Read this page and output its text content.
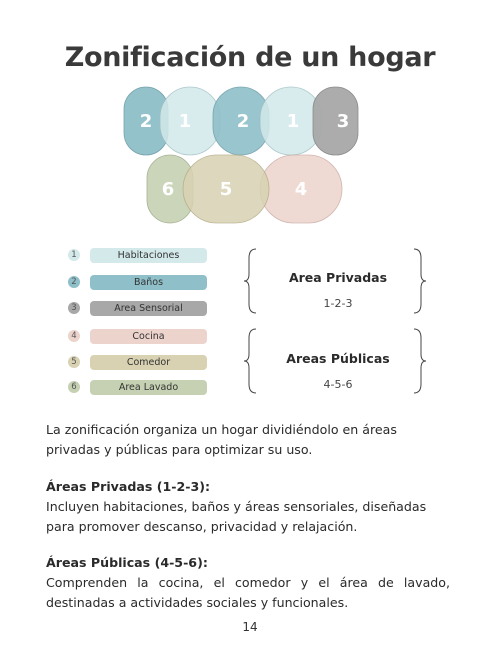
Zonificación de un hogar
2 1	2 1 3
6	5	4
1	Habitaciones
2	Baños
3	Area Sensorial
4	Cocina
5	Comedor
6	Area Lavado
Area Privadas
1-2-3
Areas Públicas
4-5-6
La zonificación organiza un hogar dividiéndolo en áreas privadas y públicas para optimizar su uso.
Áreas Privadas (1-2-3):
Incluyen habitaciones, baños y áreas sensoriales, diseñadas para promover descanso, privacidad y relajación.
Áreas Públicas (4-5-6):
Comprenden la cocina, el comedor y el área de lavado, destinadas a actividades sociales y funcionales.
14
